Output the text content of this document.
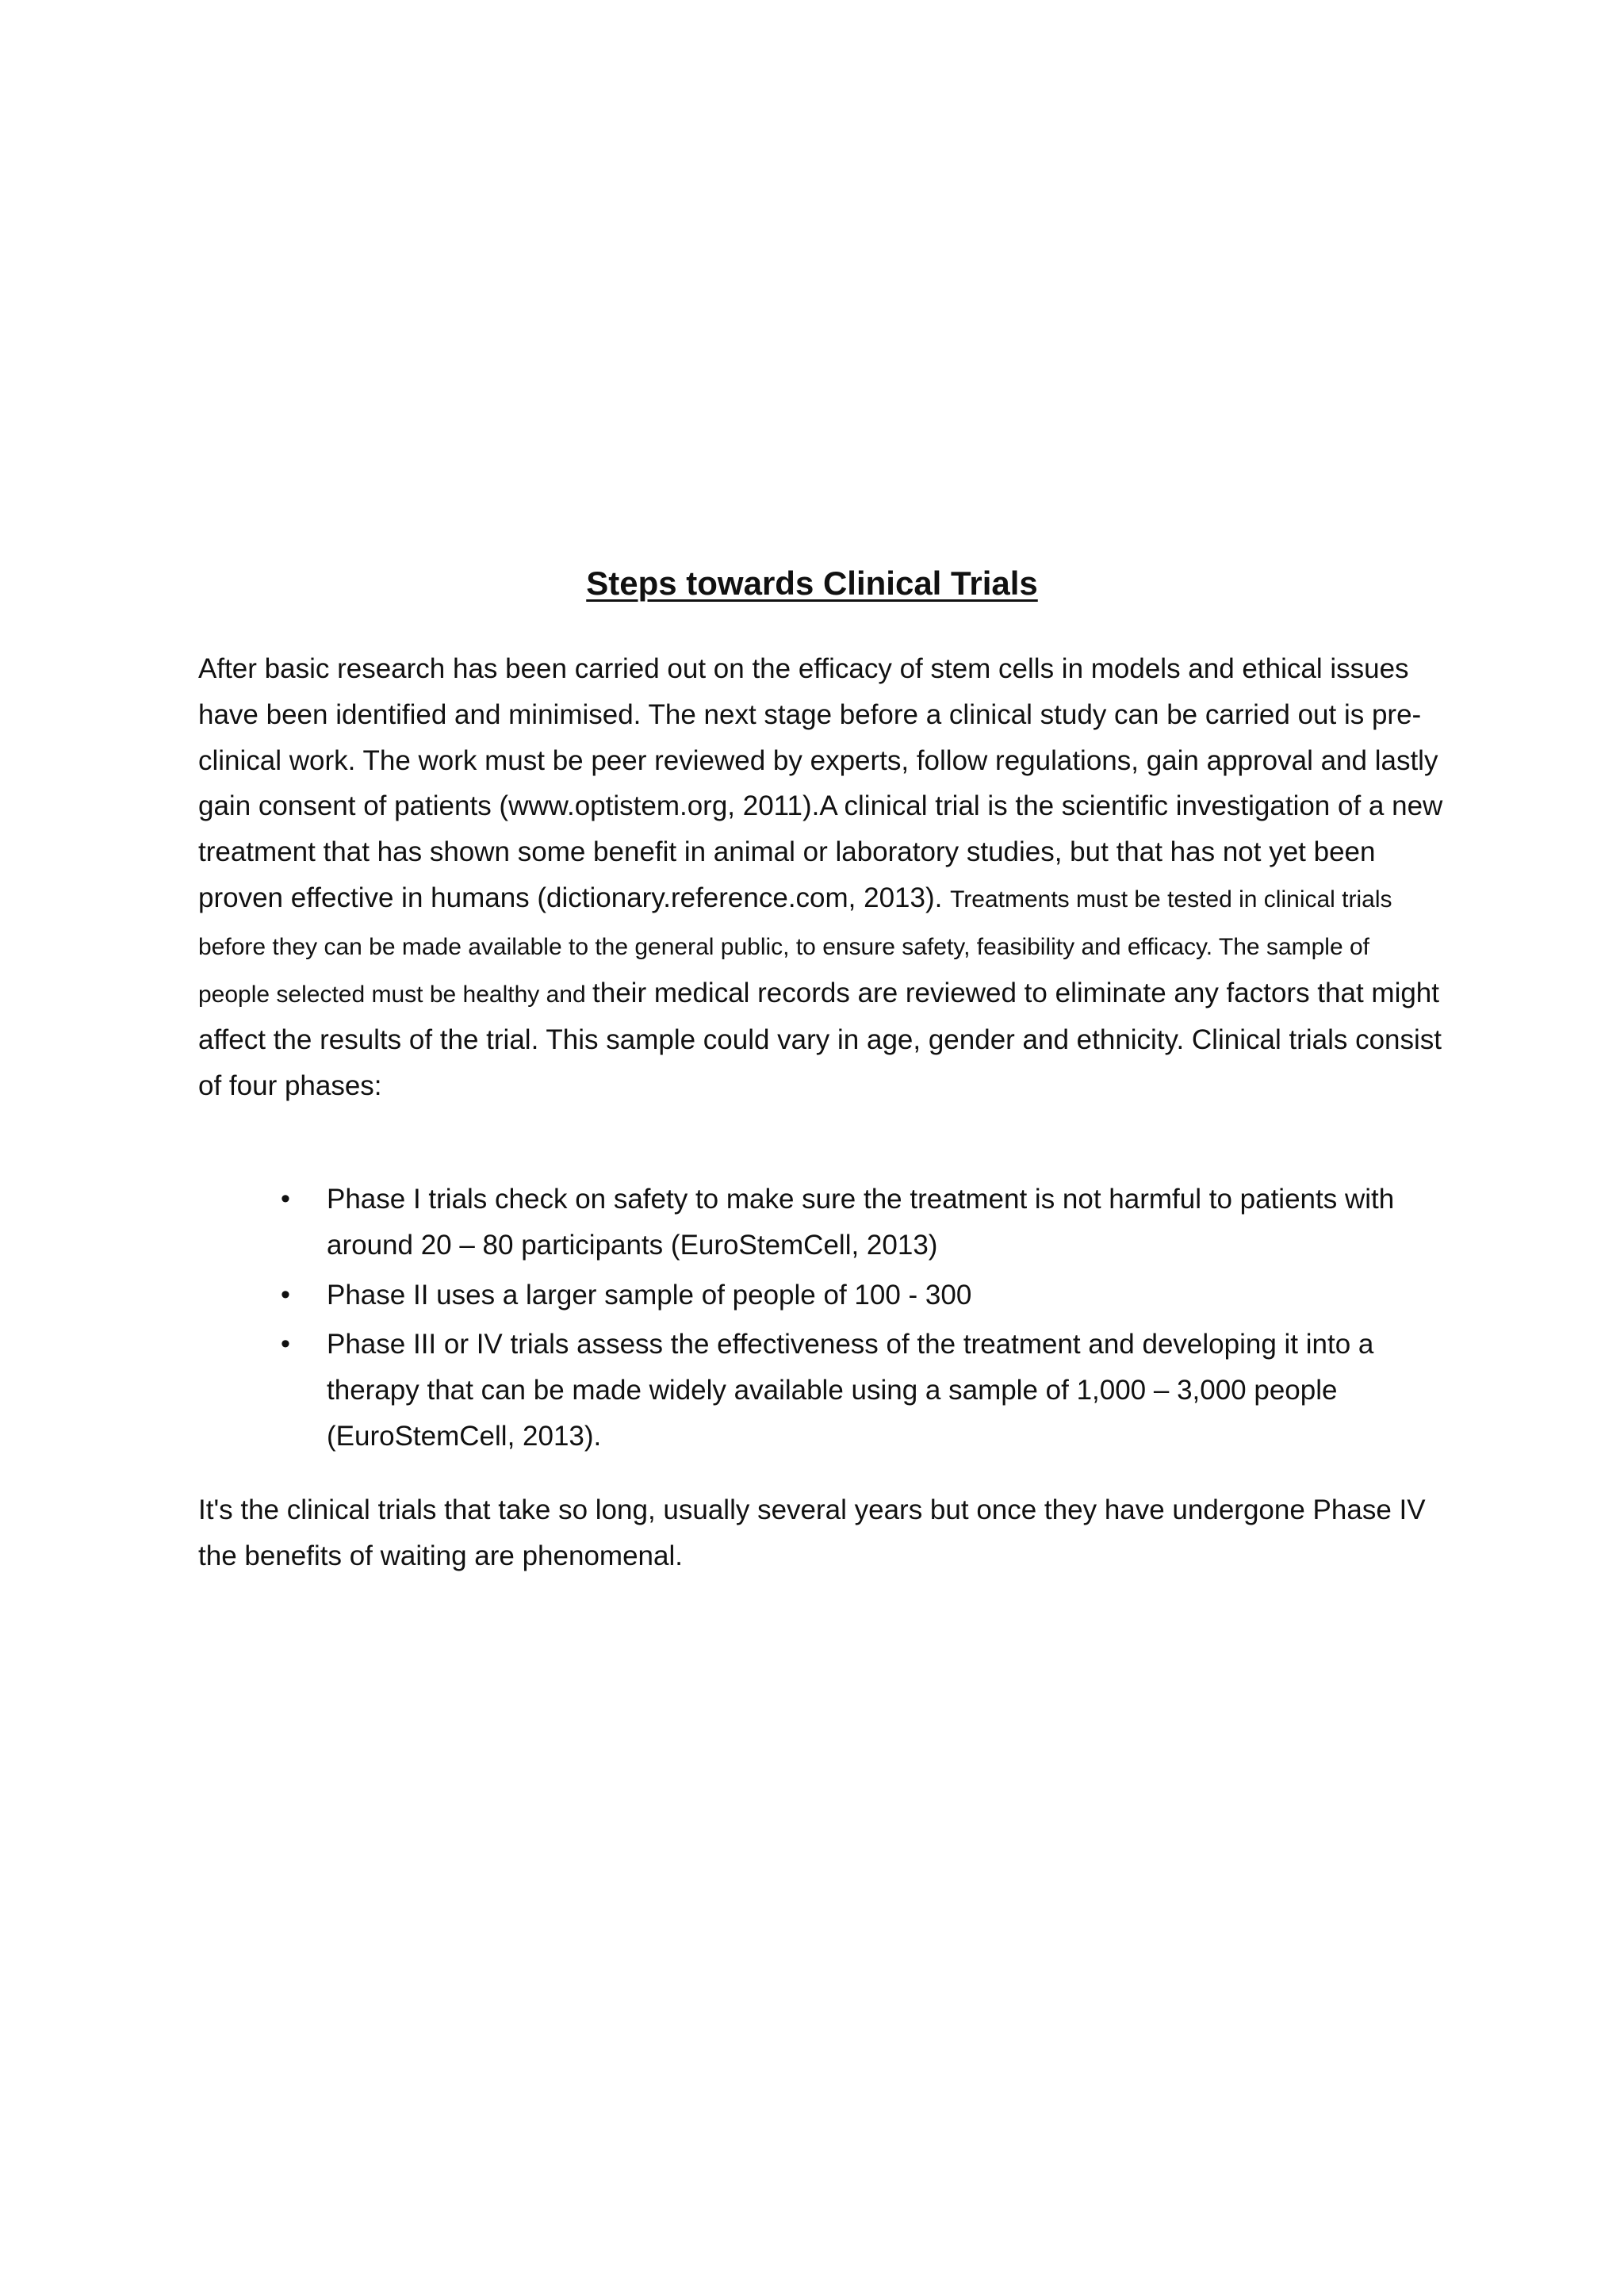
Steps towards Clinical Trials

After basic research has been carried out on the efficacy of stem cells in models and ethical issues have been identified and minimised. The next stage before a clinical study can be carried out is pre-clinical work. The work must be peer reviewed by experts, follow regulations, gain approval and lastly gain consent of patients (www.optistem.org, 2011).A clinical trial is the scientific investigation of a new treatment that has shown some benefit in animal or laboratory studies, but that has not yet been proven effective in humans (dictionary.reference.com, 2013). Treatments must be tested in clinical trials before they can be made available to the general public, to ensure safety, feasibility and efficacy. The sample of people selected must be healthy and their medical records are reviewed to eliminate any factors that might affect the results of the trial. This sample could vary in age, gender and ethnicity. Clinical trials consist of four phases:

• Phase I trials check on safety to make sure the treatment is not harmful to patients with around 20 – 80 participants (EuroStemCell, 2013)
• Phase II uses a larger sample of people of 100 - 300
• Phase III or IV trials assess the effectiveness of the treatment and developing it into a therapy that can be made widely available using a sample of 1,000 – 3,000 people (EuroStemCell, 2013).

It's the clinical trials that take so long, usually several years but once they have undergone Phase IV the benefits of waiting are phenomenal.
